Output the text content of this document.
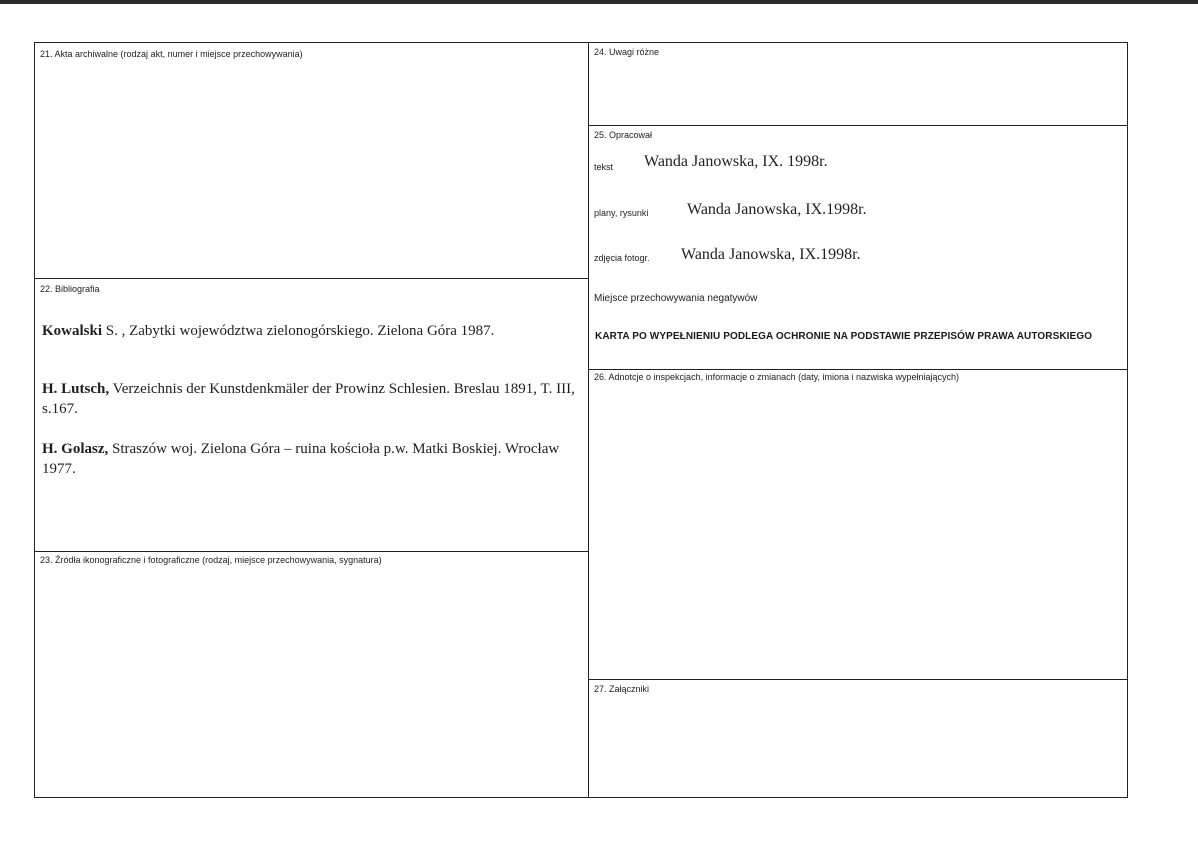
21. Akta archiwalne (rodzaj akt, numer i miejsce przechowywania)
22. Bibliografia
Kowalski S. , Zabytki województwa zielonogórskiego. Zielona Góra 1987.
H. Lutsch, Verzeichnis der Kunstdenkmäler der Prowinz Schlesien. Breslau 1891, T. III, s.167.
H. Golasz, Straszów woj. Zielona Góra – ruina kościoła p.w. Matki Boskiej. Wrocław 1977.
23. Źródła ikonograficzne i fotograficzne (rodzaj, miejsce przechowywania, sygnatura)
24. Uwagi różne
25. Opracował
tekst Wanda Janowska, IX. 1998r.
plany, rysunki Wanda Janowska, IX.1998r.
zdjęcia fotogr. Wanda Janowska, IX.1998r.
Miejsce przechowywania negatywów
KARTA PO WYPEŁNIENIU PODLEGA OCHRONIE NA PODSTAWIE PRZEPISÓW PRAWA AUTORSKIEGO
26. Adnotcje o inspekcjach, informacje o zmianach (daty, imiona i nazwiska wypełniających)
27. Załączniki
